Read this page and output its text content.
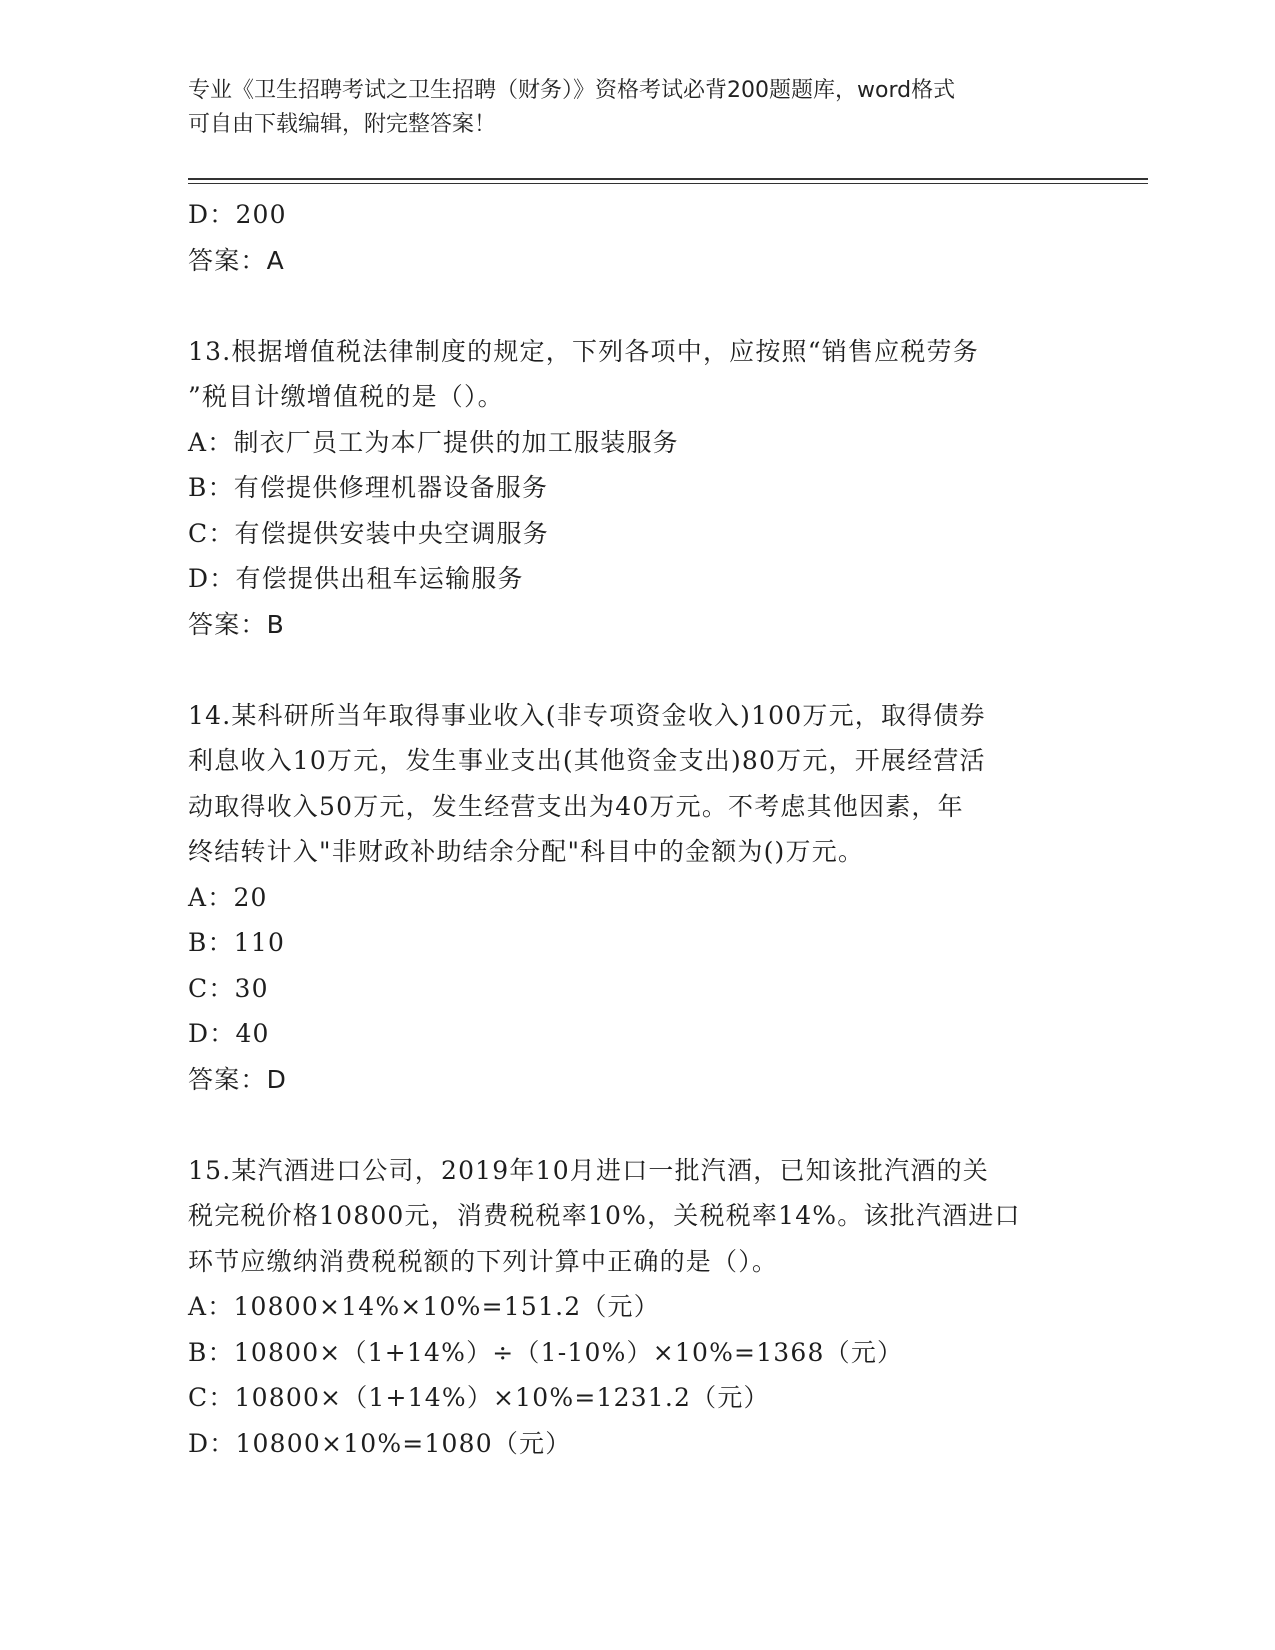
专业《卫生招聘考试之卫生招聘（财务）》资格考试必背200题题库，word格式

可自由下载编辑，附完整答案！

D：200

答案：A

13.根据增值税法律制度的规定，下列各项中，应按照“销售应税劳务

”税目计缴增值税的是（）。

A：制衣厂员工为本厂提供的加工服装服务

B：有偿提供修理机器设备服务

C：有偿提供安装中央空调服务

D：有偿提供出租车运输服务

答案：B

14.某科研所当年取得事业收入(非专项资金收入)100万元，取得债券

利息收入10万元，发生事业支出(其他资金支出)80万元，开展经营活

动取得收入50万元，发生经营支出为40万元。不考虑其他因素，年

终结转计入"非财政补助结余分配"科目中的金额为()万元。

A：20

B：110

C：30

D：40

答案：D

15.某汽酒进口公司，2019年10月进口一批汽酒，已知该批汽酒的关

税完税价格10800元，消费税税率10%，关税税率14%。该批汽酒进口

环节应缴纳消费税税额的下列计算中正确的是（）。

A：10800×14%×10%=151.2（元）

B：10800×（1+14%）÷（1-10%）×10%=1368（元）

C：10800×（1+14%）×10%=1231.2（元）

D：10800×10%=1080（元）
